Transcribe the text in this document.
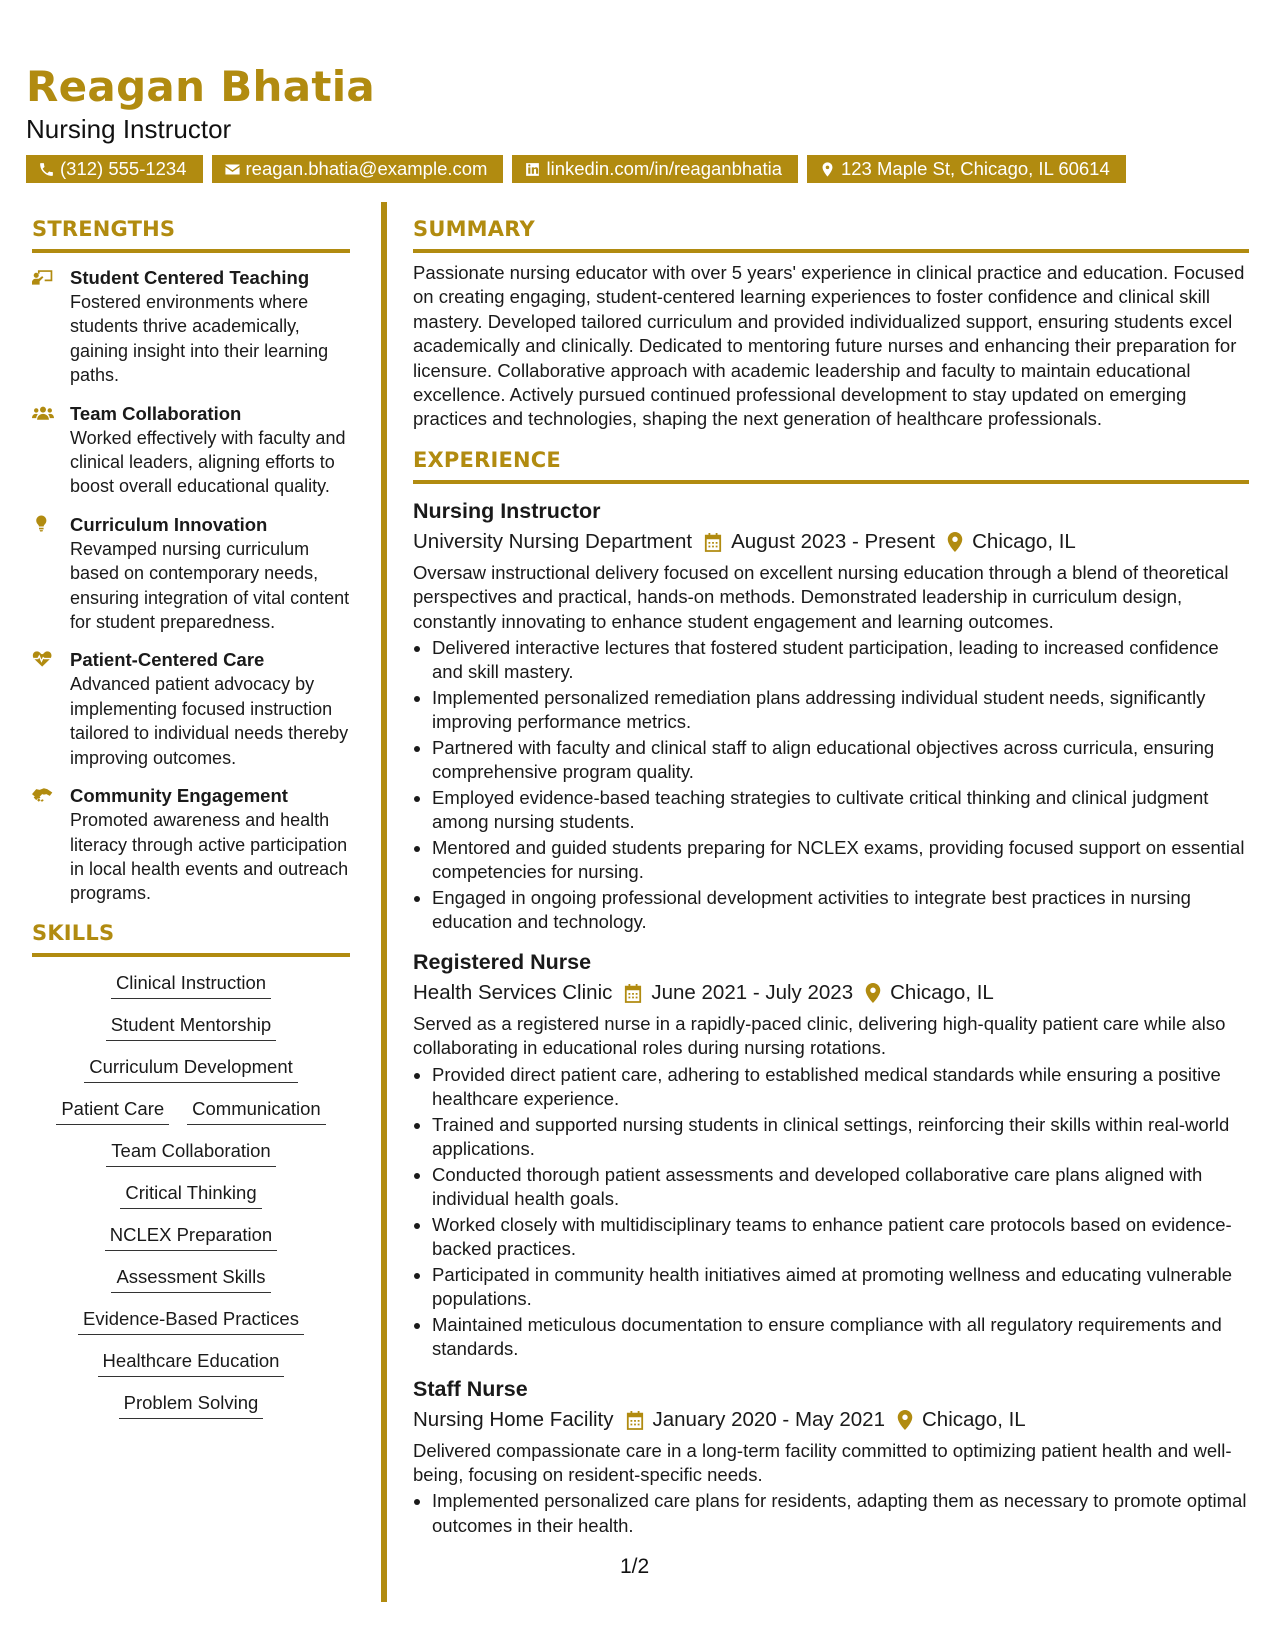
Reagan Bhatia
Nursing Instructor
(312) 555-1234	reagan.bhatia@example.com	linkedin.com/in/reaganbhatia	123 Maple St, Chicago, IL 60614
STRENGTHS
Student Centered Teaching
Fostered environments where students thrive academically, gaining insight into their learning paths.
Team Collaboration
Worked effectively with faculty and clinical leaders, aligning efforts to boost overall educational quality.
Curriculum Innovation
Revamped nursing curriculum based on contemporary needs, ensuring integration of vital content for student preparedness.
Patient-Centered Care
Advanced patient advocacy by implementing focused instruction tailored to individual needs thereby improving outcomes.
Community Engagement
Promoted awareness and health literacy through active participation in local health events and outreach programs.
SKILLS
Clinical Instruction
Student Mentorship
Curriculum Development
Patient Care Communication
Team Collaboration
Critical Thinking
NCLEX Preparation
Assessment Skills
Evidence-Based Practices
Healthcare Education
Problem Solving
SUMMARY
Passionate nursing educator with over 5 years' experience in clinical practice and education. Focused on creating engaging, student-centered learning experiences to foster confidence and clinical skill mastery. Developed tailored curriculum and provided individualized support, ensuring students excel academically and clinically. Dedicated to mentoring future nurses and enhancing their preparation for licensure. Collaborative approach with academic leadership and faculty to maintain educational excellence. Actively pursued continued professional development to stay updated on emerging practices and technologies, shaping the next generation of healthcare professionals.
EXPERIENCE
Nursing Instructor
University Nursing Department August 2023 - Present Chicago, IL
Oversaw instructional delivery focused on excellent nursing education through a blend of theoretical perspectives and practical, hands-on methods. Demonstrated leadership in curriculum design, constantly innovating to enhance student engagement and learning outcomes.
• Delivered interactive lectures that fostered student participation, leading to increased confidence and skill mastery.
• Implemented personalized remediation plans addressing individual student needs, significantly improving performance metrics.
• Partnered with faculty and clinical staff to align educational objectives across curricula, ensuring comprehensive program quality.
• Employed evidence-based teaching strategies to cultivate critical thinking and clinical judgment among nursing students.
• Mentored and guided students preparing for NCLEX exams, providing focused support on essential competencies for nursing.
• Engaged in ongoing professional development activities to integrate best practices in nursing education and technology.
Registered Nurse
Health Services Clinic June 2021 - July 2023 Chicago, IL
Served as a registered nurse in a rapidly-paced clinic, delivering high-quality patient care while also collaborating in educational roles during nursing rotations.
• Provided direct patient care, adhering to established medical standards while ensuring a positive healthcare experience.
• Trained and supported nursing students in clinical settings, reinforcing their skills within real-world applications.
• Conducted thorough patient assessments and developed collaborative care plans aligned with individual health goals.
• Worked closely with multidisciplinary teams to enhance patient care protocols based on evidence-backed practices.
• Participated in community health initiatives aimed at promoting wellness and educating vulnerable populations.
• Maintained meticulous documentation to ensure compliance with all regulatory requirements and standards.
Staff Nurse
Nursing Home Facility January 2020 - May 2021 Chicago, IL
Delivered compassionate care in a long-term facility committed to optimizing patient health and well-being, focusing on resident-specific needs.
• Implemented personalized care plans for residents, adapting them as necessary to promote optimal outcomes in their health.
1/2
